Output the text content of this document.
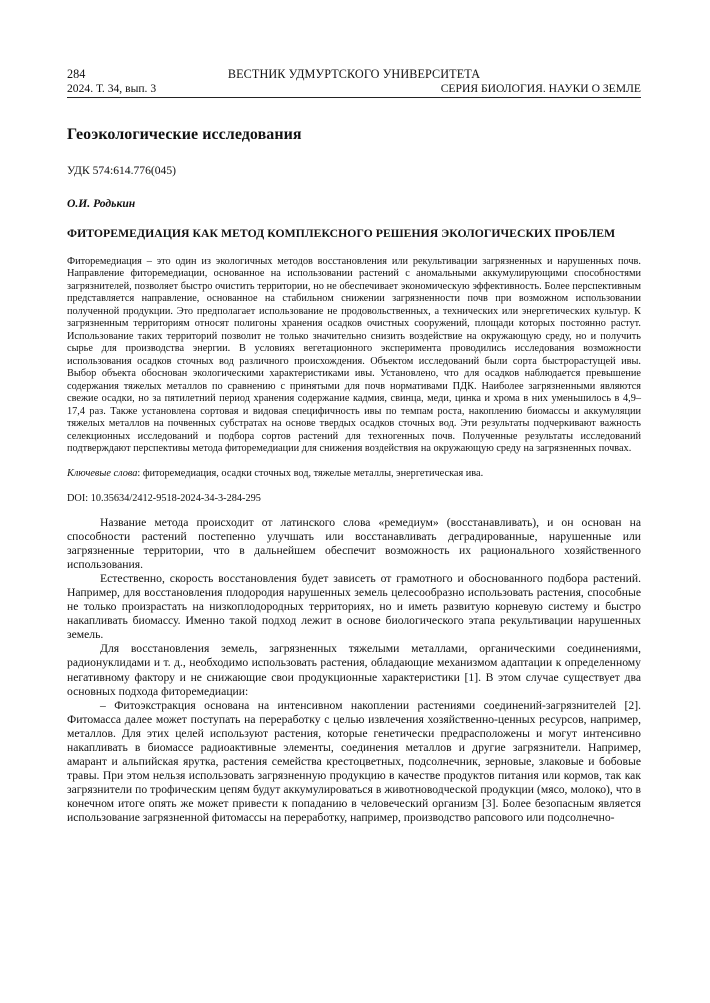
284	ВЕСТНИК УДМУРТСКОГО УНИВЕРСИТЕТА
2024. Т. 34, вып. 3	СЕРИЯ БИОЛОГИЯ. НАУКИ О ЗЕМЛЕ
Геоэкологические исследования
УДК 574:614.776(045)
О.И. Родькин
ФИТОРЕМЕДИАЦИЯ КАК МЕТОД КОМПЛЕКСНОГО РЕШЕНИЯ ЭКОЛОГИЧЕСКИХ ПРОБЛЕМ
Фиторемедиация – это один из экологичных методов восстановления или рекультивации загрязненных и нарушенных почв. Направление фиторемедиации, основанное на использовании растений с аномальными аккумулирующими способностями загрязнителей, позволяет быстро очистить территории, но не обеспечивает экономическую эффективность. Более перспективным представляется направление, основанное на стабильном снижении загрязненности почв при возможном использовании полученной продукции. Это предполагает использование не продовольственных, а технических или энергетических культур. К загрязненным территориям относят полигоны хранения осадков очистных сооружений, площади которых постоянно растут. Использование таких территорий позволит не только значительно снизить воздействие на окружающую среду, но и получить сырье для производства энергии. В условиях вегетационного эксперимента проводились исследования возможности использования осадков сточных вод различного происхождения. Объектом исследований были сорта быстрорастущей ивы. Выбор объекта обоснован экологическими характеристиками ивы. Установлено, что для осадков наблюдается превышение содержания тяжелых металлов по сравнению с принятыми для почв нормативами ПДК. Наиболее загрязненными являются свежие осадки, но за пятилетний период хранения содержание кадмия, свинца, меди, цинка и хрома в них уменьшилось в 4,9–17,4 раз. Также установлена сортовая и видовая специфичность ивы по темпам роста, накоплению биомассы и аккумуляции тяжелых металлов на почвенных субстратах на основе твердых осадков сточных вод. Эти результаты подчеркивают важность селекционных исследований и подбора сортов растений для техногенных почв. Полученные результаты исследований подтверждают перспективы метода фиторемедиации для снижения воздействия на окружающую среду на загрязненных почвах.
Ключевые слова: фиторемедиация, осадки сточных вод, тяжелые металлы, энергетическая ива.
DOI: 10.35634/2412-9518-2024-34-3-284-295

Название метода происходит от латинского слова «ремедиум» (восстанавливать), и он основан на способности растений постепенно улучшать или восстанавливать деградированные, нарушенные или загрязненные территории, что в дальнейшем обеспечит возможность их рационального хозяйственного использования.

Естественно, скорость восстановления будет зависеть от грамотного и обоснованного подбора растений. Например, для восстановления плодородия нарушенных земель целесообразно использовать растения, способные не только произрастать на низкоплодородных территориях, но и иметь развитую корневую систему и быстро накапливать биомассу. Именно такой подход лежит в основе биологического этапа рекультивации нарушенных земель.

Для восстановления земель, загрязненных тяжелыми металлами, органическими соединениями, радионуклидами и т. д., необходимо использовать растения, обладающие механизмом адаптации к определенному негативному фактору и не снижающие свои продукционные характеристики [1]. В этом случае существует два основных подхода фиторемедиации:

– Фитоэкстракция основана на интенсивном накоплении растениями соединений-загрязнителей [2]. Фитомасса далее может поступать на переработку с целью извлечения хозяйственно-ценных ресурсов, например, металлов. Для этих целей используют растения, которые генетически предрасположены и могут интенсивно накапливать в биомассе радиоактивные элементы, соединения металлов и другие загрязнители. Например, амарант и альпийская ярутка, растения семейства крестоцветных, подсолнечник, зерновые, злаковые и бобовые травы. При этом нельзя использовать загрязненную продукцию в качестве продуктов питания или кормов, так как загрязнители по трофическим цепям будут аккумулироваться в животноводческой продукции (мясо, молоко), что в конечном итоге опять же может привести к попаданию в человеческий организм [3]. Более безопасным является использование загрязненной фитомассы на переработку, например, производство рапсового или подсолнечно-
